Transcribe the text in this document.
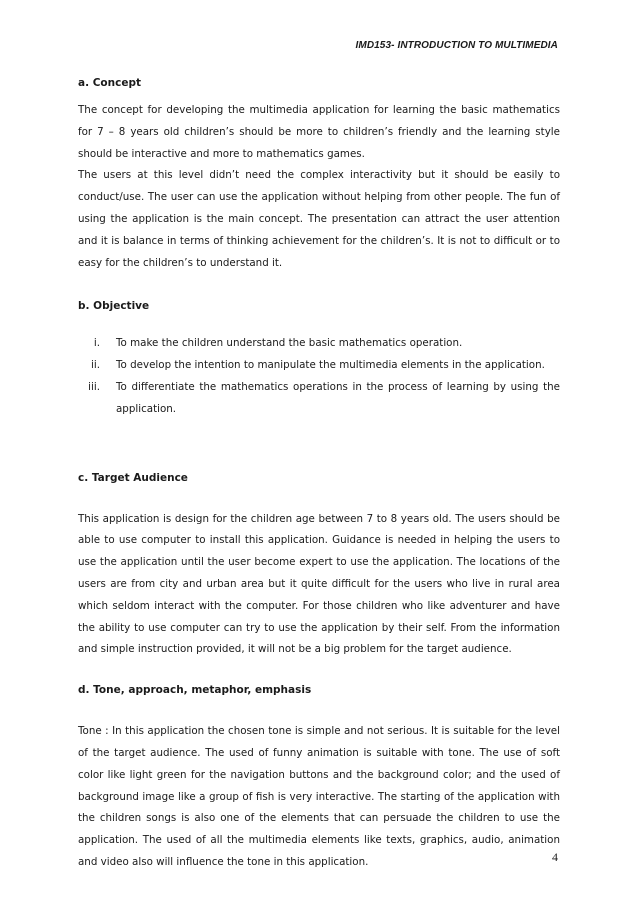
IMD153- INTRODUCTION TO MULTIMEDIA
a. Concept

The concept for developing the multimedia application for learning the basic mathematics for 7 – 8 years old children’s should be more to children’s friendly and the learning style should be interactive and more to mathematics games.

The users at this level didn’t need the complex interactivity but it should be easily to conduct/use. The user can use the application without helping from other people. The fun of using the application is the main concept. The presentation can attract the user attention and it is balance in terms of thinking achievement for the children’s. It is not to difficult or to easy for the children’s to understand it.

b. Objective
i. To make the children understand the basic mathematics operation.
ii. To develop the intention to manipulate the multimedia elements in the application.
iii. To differentiate the mathematics operations in the process of learning by using the application.
c. Target Audience

This application is design for the children age between 7 to 8 years old. The users should be able to use computer to install this application. Guidance is needed in helping the users to use the application until the user become expert to use the application. The locations of the users are from city and urban area but it quite difficult for the users who live in rural area which seldom interact with the computer. For those children who like adventurer and have the ability to use computer can try to use the application by their self. From the information and simple instruction provided, it will not be a big problem for the target audience.

d. Tone, approach, metaphor, emphasis

Tone : In this application the chosen tone is simple and not serious. It is suitable for the level of the target audience. The used of funny animation is suitable with tone. The use of soft color like light green for the navigation buttons and the background color; and the used of background image like a group of fish is very interactive. The starting of the application with the children songs is also one of the elements that can persuade the children to use the application. The used of all the multimedia elements like texts, graphics, audio, animation and video also will influence the tone in this application.	4
